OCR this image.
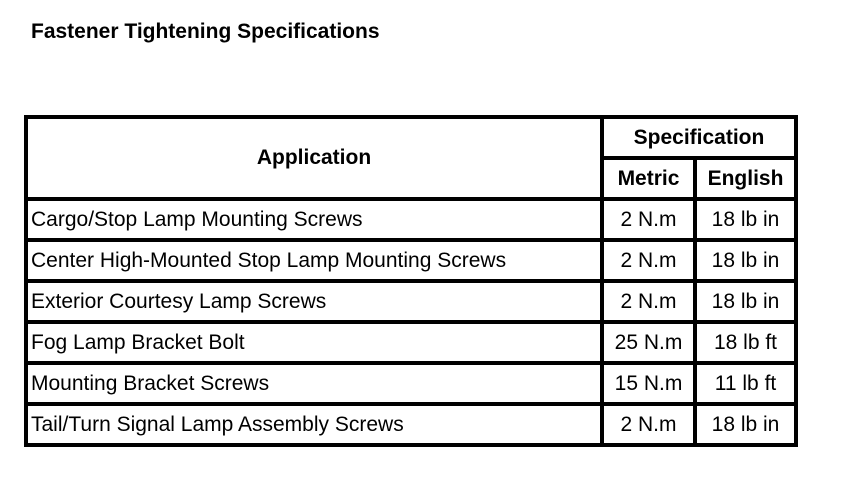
Fastener Tightening Specifications
Application	Specification	
	Metric	English
Cargo/Stop Lamp Mounting Screws	2 N.m	18 lb in
Center High-Mounted Stop Lamp Mounting Screws	2 N.m	18 lb in
Exterior Courtesy Lamp Screws	2 N.m	18 lb in
Fog Lamp Bracket Bolt	25 N.m	18 lb ft
Mounting Bracket Screws	15 N.m	11 lb ft
Tail/Turn Signal Lamp Assembly Screws	2 N.m	18 lb in
